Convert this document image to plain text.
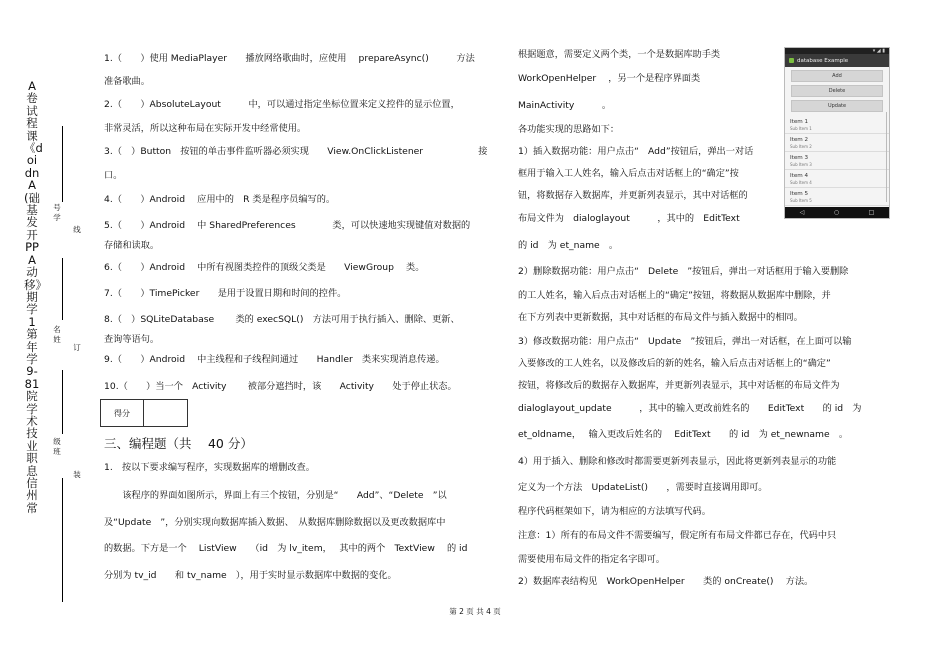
A卷试程课《doidnA(础基发开PPA动移》期学1第年学9-81院学术技业职息信州常
号学
线
名姓
订
级班
装
1.（　　）使用 MediaPlayer　　播放网络歌曲时，应使用　 prepareAsync()　　　方法
准备歌曲。
2.（　　）AbsoluteLayout　　　中，可以通过指定坐标位置来定义控件的显示位置，
非常灵活，所以这种布局在实际开发中经常使用。
3.（　）Button　按钮的单击事件监听器必须实现　　View.OnClickListener　　　　　　接
口。
4.（　　）Android　 应用中的　R 类是程序员编写的。
5.（　　）Android　 中 SharedPreferences　　　　类，可以快速地实现键值对数据的
存储和读取。
6.（　　）Android　 中所有视图类控件的顶级父类是　　ViewGroup　 类。
7.（　　）TimePicker　　是用于设置日期和时间的控件。
8.（　）SQLiteDatabase　　 类的 execSQL()　方法可用于执行插入、删除、更新、
查询等语句。
9.（　　）Android　 中主线程和子线程间通过　　Handler　类来实现消息传递。
10.（　　）当一个　Activity　　 被部分遮挡时，该　　Activity　　处于停止状态。
得分
三、编程题（共　 40 分）
1.　按以下要求编写程序，实现数据库的增删改查。
　　该程序的界面如图所示，界面上有三个按钮，分别是“　　Add”、“Delete　”以
及“Update　”，分别实现向数据库插入数据、　从数据库删除数据以及更改数据库中
的数据。下方是一个　 ListView　　（id　为 lv_item，　 其中的两个　TextView　 的 id
分别为 tv_id　　和 tv_name　），用于实时显示数据库中数据的变化。
根据题意，需要定义两个类，一个是数据库助手类
WorkOpenHelper　 ，另一个是程序界面类
MainActivity　　　。
各功能实现的思路如下：
1）插入数据功能：用户点击“　Add”按钮后，弹出一对话
框用于输入工人姓名，输入后点击对话框上的“确定”按
钮，将数据存入数据库，并更新列表显示，其中对话框的
布局文件为　dialoglayout　　　，其中的　EditText
的 id　为 et_name　。
2）删除数据功能：用户点击“　Delete　”按钮后，弹出一对话框用于输入要删除
的工人姓名，输入后点击对话框上的“确定”按钮，将数据从数据库中删除，并
在下方列表中更新数据，其中对话框的布局文件与插入数据中的相同。
3）修改数据功能：用户点击“　Update　”按钮后，弹出一对话框，在上面可以输
入要修改的工人姓名，以及修改后的新的姓名，输入后点击对话框上的“确定”
按钮，将修改后的数据存入数据库，并更新列表显示，其中对话框的布局文件为
dialoglayout_update　　　，其中的输入更改前姓名的　　EditText　　的 id　为
et_oldname，　 输入更改后姓名的　 EditText　　的 id　为 et_newname　。
4）用于插入、删除和修改时都需要更新列表显示，因此将更新列表显示的功能
定义为一个方法　UpdateList()　　，需要时直接调用即可。
程序代码框架如下，请为相应的方法填写代码。
注意：1）所有的布局文件不需要编写，假定所有布局文件都已存在，代码中只
需要使用布局文件的指定名字即可。
2）数据库表结构见　WorkOpenHelper　　类的 onCreate()　 方法。
▾ ◢ ▮
database Example
Add
Delete
Update
Item 1
Sub Item 1
Item 2
Sub Item 2
Item 3
Sub Item 3
Item 4
Sub Item 4
Item 5
Sub Item 5
◁	○	□
第 2 页 共 4 页
